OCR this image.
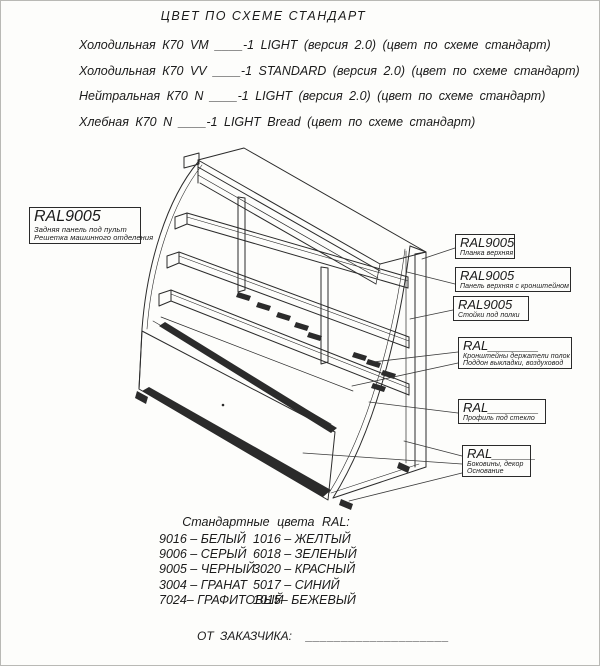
ЦВЕТ ПО СХЕМЕ СТАНДАРТ
Холодильная К70 VM ____-1 LIGHT (версия 2.0) (цвет по схеме стандарт)
Холодильная К70 VV ____-1 STANDARD (версия 2.0) (цвет по схеме стандарт)
Нейтральная К70 N ____-1 LIGHT (версия 2.0) (цвет по схеме стандарт)
Хлебная К70 N ____-1 LIGHT Bread (цвет по схеме стандарт)
RAL9005
Задняя панель под пульт
Решетка машинного отделения	RAL9005
Планка верхняя
RAL9005
Панель верхняя с кронштейном
RAL9005
Стойки под полки
RAL_______
Кронштейны держатели полок
Поддон выкладки, воздуховод
RAL_______
Профиль под стекло
RAL______
Боковины, декор
Основание
Стандартные цвета RAL:
9016 – БЕЛЫЙ
9006 – СЕРЫЙ
9005 – ЧЕРНЫЙ
3004 – ГРАНАТ
7024– ГРАФИТОВЫЙ
1016 – ЖЕЛТЫЙ
6018 – ЗЕЛЕНЫЙ
3020 – КРАСНЫЙ
5017 – СИНИЙ
1015– БЕЖЕВЫЙ
ОТ ЗАКАЗЧИКА: ____________________
